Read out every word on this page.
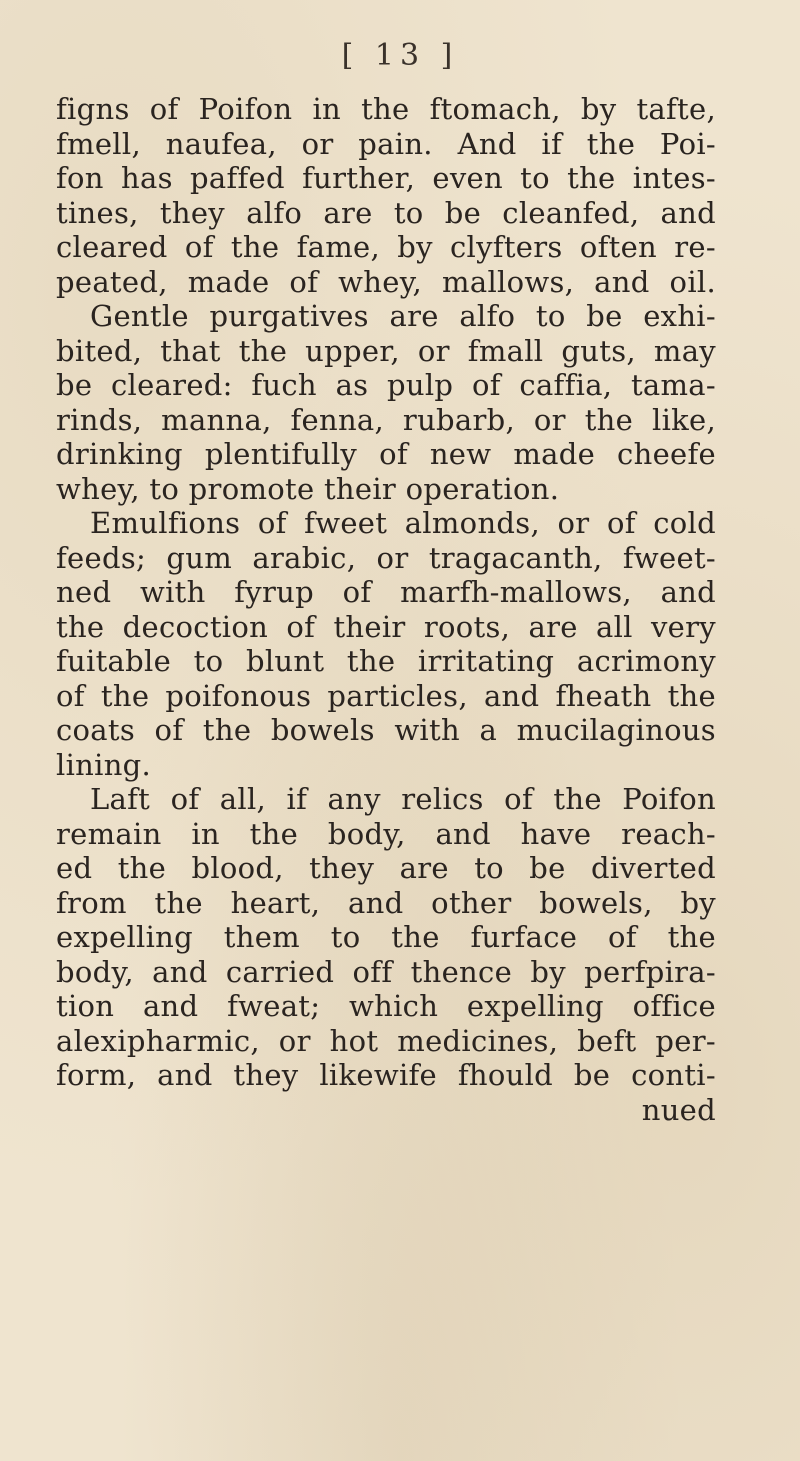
[ 13 ]
figns of Poifon in the ftomach, by tafte,
fmell, naufea, or pain. And if the Poi-
fon has paffed further, even to the intes-
tines, they alfo are to be cleanfed, and
cleared of the fame, by clyfters often re-
peated, made of whey, mallows, and oil.
Gentle purgatives are alfo to be exhi-
bited, that the upper, or fmall guts, may
be cleared: fuch as pulp of caffia, tama-
rinds, manna, fenna, rubarb, or the like,
drinking plentifully of new made cheefe
whey, to promote their operation.
Emulfions of fweet almonds, or of cold
feeds; gum arabic, or tragacanth, fweet-
ned with fyrup of marfh-mallows, and
the decoction of their roots, are all very
fuitable to blunt the irritating acrimony
of the poifonous particles, and fheath the
coats of the bowels with a mucilaginous
lining.
Laft of all, if any relics of the Poifon
remain in the body, and have reach-
ed the blood, they are to be diverted
from the heart, and other bowels, by
expelling them to the furface of the
body, and carried off thence by perfpira-
tion and fweat; which expelling office
alexipharmic, or hot medicines, beft per-
form, and they likewife fhould be conti-
nued
